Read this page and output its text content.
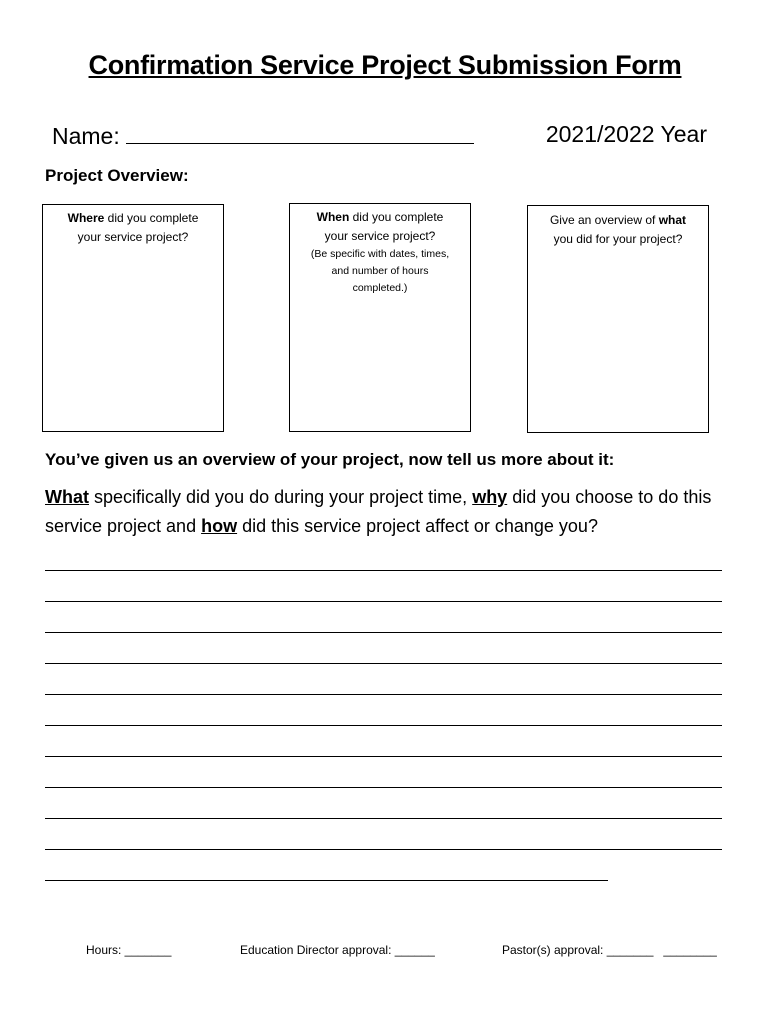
Confirmation Service Project Submission Form
Name:	2021/2022 Year
Project Overview:
Where did you complete your service project?
When did you complete your service project?
(Be specific with dates, times, and number of hours completed.)
Give an overview of what you did for your project?
You’ve given us an overview of your project, now tell us more about it:
What specifically did you do during your project time, why did you choose to do this service project and how did this service project affect or change you?
Hours: _______	Education Director approval: ______	Pastor(s) approval: _______   ________
